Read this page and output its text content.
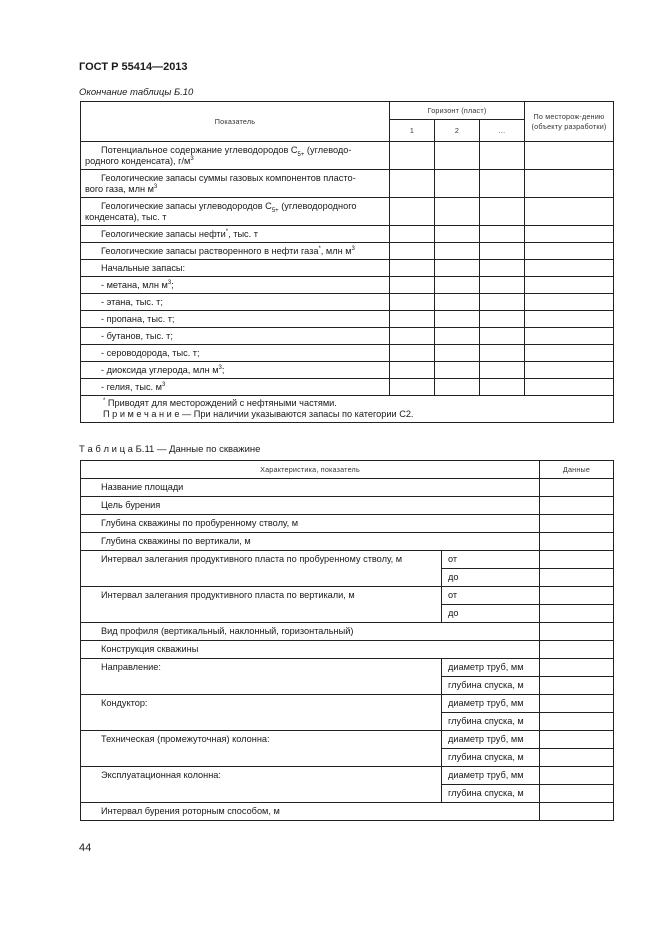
ГОСТ Р 55414—2013
Окончание таблицы Б.10
Показатель	Горизонт (пласт)			По месторож-дению (объекту разработки)
	1	2	...	

Потенциальное содержание углеводородов $С_{5+}$ (углеводо-
родного конденсата), $г/м^3$

Геологические запасы суммы газовых компонентов пласто-
вого газа, млн $м^3$

Геологические запасы углеводородов $С_{5+}$ (углеводородного
конденсата), тыс. т				

Геологические запасы нефти*, тыс. т				
Геологические запасы растворенного в нефти газа*, млн $м^3$				
Начальные запасы:				
- метана, млн $м^3$;				
- этана, тыс. т;				
- пропана, тыс. т;				
- бутанов, тыс. т;				
- сероводорода, тыс. т;				
- диоксида углерода, млн $м^3$;				
- гелия, тыс. $м^3$				

* Приводят для месторождений с нефтяными частями.
П р и м е ч а н и е — При наличии указываются запасы по категории С2.				
Т а б л и ц а Б.11 — Данные по скважине
Характеристика, показатель		Данные
Название площади		
Цель бурения		
Глубина скважины по пробуренному стволу, м		
Глубина скважины по вертикали, м		
Интервал залегания продуктивного пласта по пробуренному стволу, м	от	
	до	
Интервал залегания продуктивного пласта по вертикали, м	от	
	до	
Вид профиля (вертикальный, наклонный, горизонтальный)		
Конструкция скважины		
Направление:	диаметр труб, мм	
	глубина спуска, м	
Кондуктор:	диаметр труб, мм	
	глубина спуска, м	
Техническая (промежуточная) колонна:	диаметр труб, мм	
	глубина спуска, м	
Эксплуатационная колонна:	диаметр труб, мм	
	глубина спуска, м	
Интервал бурения роторным способом, м		
44
